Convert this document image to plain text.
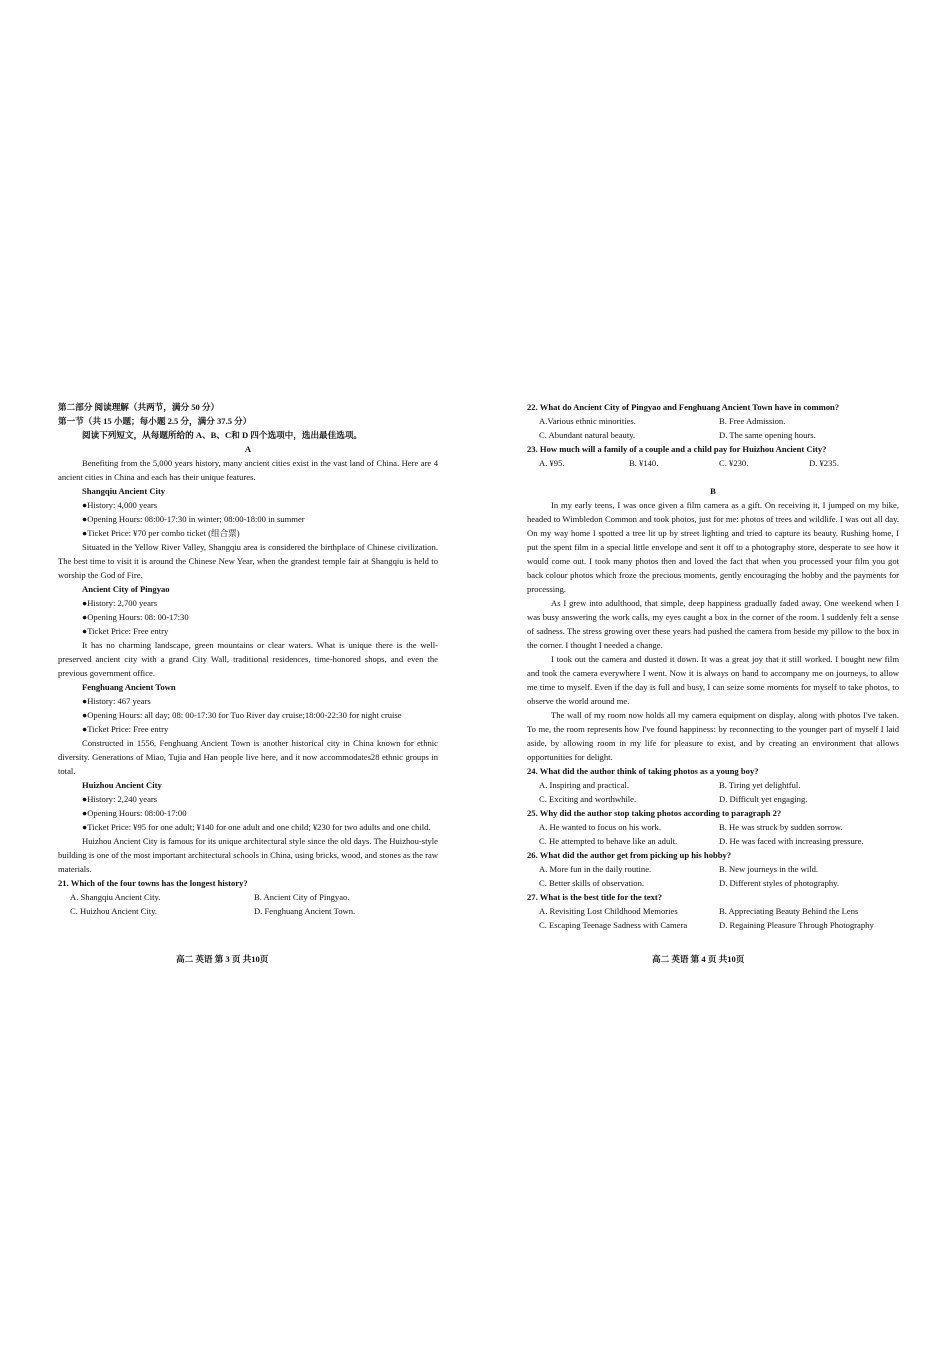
第二部分 阅读理解（共两节，满分 50 分）

第一节（共 15 小题；每小题 2.5 分，满分 37.5 分）

阅读下列短文，从每题所给的 A、B、C和 D 四个选项中，选出最佳选项。

A

Benefiting from the 5,000 years history, many ancient cities exist in the vast land of China. Here are 4 ancient cities in China and each has their unique features.

Shangqiu Ancient City

●History: 4,000 years

●Opening Hours: 08:00-17:30 in winter; 08:00-18:00 in summer

●Ticket Price: ¥70 per combo ticket (组合票)

Situated in the Yellow River Valley, Shangqiu area is considered the birthplace of Chinese civilization. The best time to visit it is around the Chinese New Year, when the grandest temple fair at Shangqiu is held to worship the God of Fire.

Ancient City of Pingyao

●History: 2,700 years

●Opening Hours: 08: 00-17:30

●Ticket Price: Free entry

It has no charming landscape, green mountains or clear waters. What is unique there is the well-preserved ancient city with a grand City Wall, traditional residences, time-honored shops, and even the previous government office.

Fenghuang Ancient Town

●History: 467 years

●Opening Hours: all day; 08: 00-17:30 for Tuo River day cruise;18:00-22:30 for night cruise

●Ticket Price: Free entry

Constructed in 1556, Fenghuang Ancient Town is another historical city in China known for ethnic diversity. Generations of Miao, Tujia and Han people live here, and it now accommodates28 ethnic groups in total.

Huizhou Ancient City

●History: 2,240 years

●Opening Hours: 08:00-17:00

●Ticket Price: ¥95 for one adult; ¥140 for one adult and one child; ¥230 for two adults and one child.

Huizhou Ancient City is famous for its unique architectural style since the old days. The Huizhou-style building is one of the most important architectural schools in China, using bricks, wood, and stones as the raw materials.

21. Which of the four towns has the longest history?

A. Shangqiu Ancient City.	B. Ancient City of Pingyao.
C. Huizhou Ancient City.	D. Fenghuang Ancient Town.
高二 英语 第 3 页 共10页

22. What do Ancient City of Pingyao and Fenghuang Ancient Town have in common?

A.Various ethnic minorities.	B. Free Admission.
C. Abundant natural beauty.	D. The same opening hours.

23. How much will a family of a couple and a child pay for Huizhou Ancient City?

A. ¥95.	B. ¥140.	C. ¥230.	D. ¥235.

B

In my early teens, I was once given a film camera as a gift. On receiving it, I jumped on my bike, headed to Wimbledon Common and took photos, just for me: photos of trees and wildlife. I was out all day. On my way home I spotted a tree lit up by street lighting and tried to capture its beauty. Rushing home, I put the spent film in a special little envelope and sent it off to a photography store, desperate to see how it would come out. I took many photos then and loved the fact that when you processed your film you got back colour photos which froze the precious moments, gently encouraging the hobby and the payments for processing.

As I grew into adulthood, that simple, deep happiness gradually faded away. One weekend when I was busy answering the work calls, my eyes caught a box in the corner of the room. I suddenly felt a sense of sadness. The stress growing over these years had pushed the camera from beside my pillow to the box in the corner. I thought I needed a change.

I took out the camera and dusted it down. It was a great joy that it still worked. I bought new film and took the camera everywhere I went. Now it is always on hand to accompany me on journeys, to allow me time to myself. Even if the day is full and busy, I can seize some moments for myself to take photos, to observe the world around me.

The wall of my room now holds all my camera equipment on display, along with photos I've taken. To me, the room represents how I've found happiness: by reconnecting to the younger part of myself I laid aside, by allowing room in my life for pleasure to exist, and by creating an environment that allows opportunities for delight.

24. What did the author think of taking photos as a young boy?

A. Inspiring and practical.	B. Tiring yet delightful.
C. Exciting and worthwhile.	D. Difficult yet engaging.

25. Why did the author stop taking photos according to paragraph 2?

A. He wanted to focus on his work.	B. He was struck by sudden sorrow.
C. He attempted to behave like an adult.	D. He was faced with increasing pressure.

26. What did the author get from picking up his hobby?

A. More fun in the daily routine.	B. New journeys in the wild.
C. Better skills of observation.	D. Different styles of photography.

27. What is the best title for the text?

A. Revisiting Lost Childhood Memories	B. Appreciating Beauty Behind the Lens
C. Escaping Teenage Sadness with Camera	D. Regaining Pleasure Through Photography
高二 英语 第 4 页 共10页
